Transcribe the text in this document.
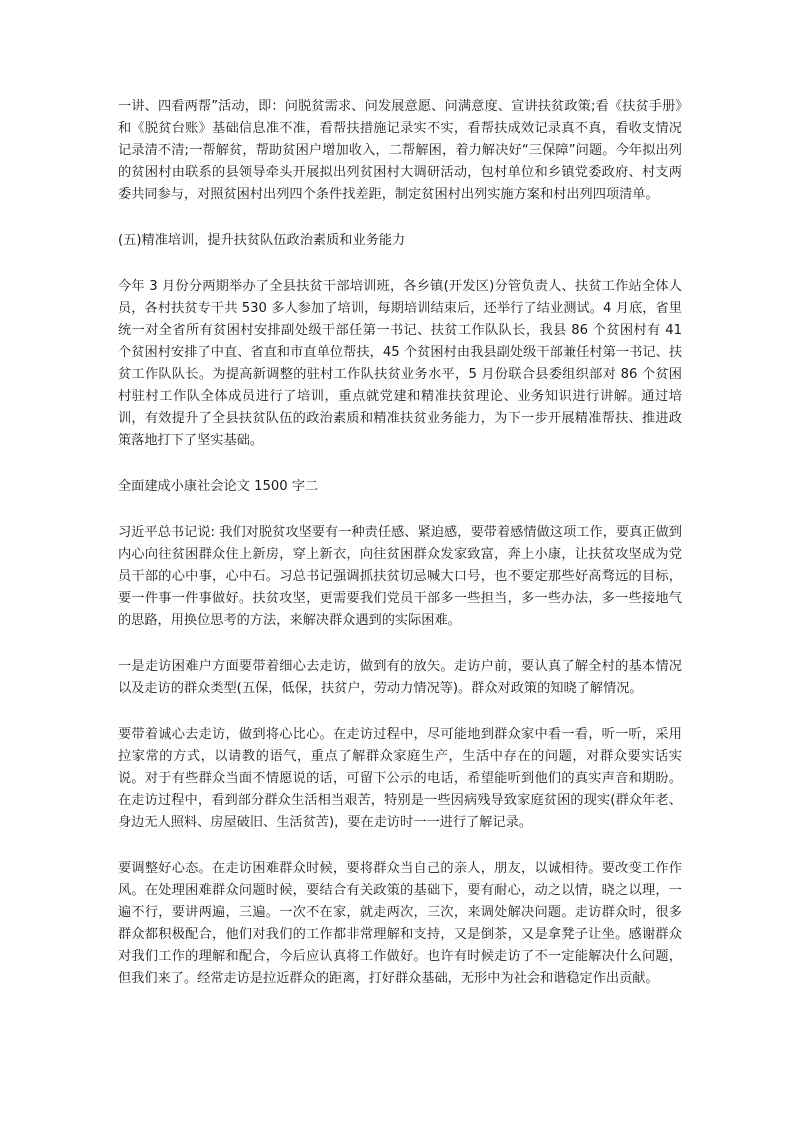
一讲、四看两帮”活动，即：问脱贫需求、问发展意愿、问满意度、宣讲扶贫政策;看《扶贫手册》和《脱贫台账》基础信息准不准，看帮扶措施记录实不实，看帮扶成效记录真不真，看收支情况记录清不清;一帮解贫，帮助贫困户增加收入，二帮解困，着力解决好“三保障”问题。今年拟出列的贫困村由联系的县领导牵头开展拟出列贫困村大调研活动，包村单位和乡镇党委政府、村支两委共同参与，对照贫困村出列四个条件找差距，制定贫困村出列实施方案和村出列四项清单。

(五)精准培训，提升扶贫队伍政治素质和业务能力

今年 3 月份分两期举办了全县扶贫干部培训班，各乡镇(开发区)分管负责人、扶贫工作站全体人员，各村扶贫专干共 530 多人参加了培训，每期培训结束后，还举行了结业测试。4 月底，省里统一对全省所有贫困村安排副处级干部任第一书记、扶贫工作队队长，我县 86 个贫困村有 41 个贫困村安排了中直、省直和市直单位帮扶，45 个贫困村由我县副处级干部兼任村第一书记、扶贫工作队队长。为提高新调整的驻村工作队扶贫业务水平，5 月份联合县委组织部对 86 个贫困村驻村工作队全体成员进行了培训，重点就党建和精准扶贫理论、业务知识进行讲解。通过培训，有效提升了全县扶贫队伍的政治素质和精准扶贫业务能力，为下一步开展精准帮扶、推进政策落地打下了坚实基础。

全面建成小康社会论文 1500 字二

习近平总书记说: 我们对脱贫攻坚要有一种责任感、紧迫感，要带着感情做这项工作，要真正做到内心向往贫困群众住上新房，穿上新衣，向往贫困群众发家致富，奔上小康，让扶贫攻坚成为党员干部的心中事，心中石。习总书记强调抓扶贫切忌喊大口号，也不要定那些好高骛远的目标，要一件事一件事做好。扶贫攻坚，更需要我们党员干部多一些担当，多一些办法，多一些接地气的思路，用换位思考的方法，来解决群众遇到的实际困难。

一是走访困难户方面要带着细心去走访，做到有的放矢。走访户前，要认真了解全村的基本情况以及走访的群众类型(五保，低保，扶贫户，劳动力情况等)。群众对政策的知晓了解情况。

要带着诚心去走访，做到将心比心。在走访过程中，尽可能地到群众家中看一看，听一听，采用拉家常的方式，以请教的语气，重点了解群众家庭生产，生活中存在的问题，对群众要实话实说。对于有些群众当面不情愿说的话，可留下公示的电话，希望能听到他们的真实声音和期盼。在走访过程中，看到部分群众生活相当艰苦，特别是一些因病残导致家庭贫困的现实(群众年老、身边无人照料、房屋破旧、生活贫苦)，要在走访时一一进行了解记录。

要调整好心态。在走访困难群众时候，要将群众当自己的亲人，朋友，以诚相待。要改变工作作风。在处理困难群众问题时候，要结合有关政策的基础下，要有耐心，动之以情，晓之以理，一遍不行，要讲两遍，三遍。一次不在家，就走两次，三次，来调处解决问题。走访群众时，很多群众都积极配合，他们对我们的工作都非常理解和支持，又是倒茶，又是拿凳子让坐。感谢群众对我们工作的理解和配合，今后应认真将工作做好。也许有时候走访了不一定能解决什么问题，但我们来了。经常走访是拉近群众的距离，打好群众基础，无形中为社会和谐稳定作出贡献。
